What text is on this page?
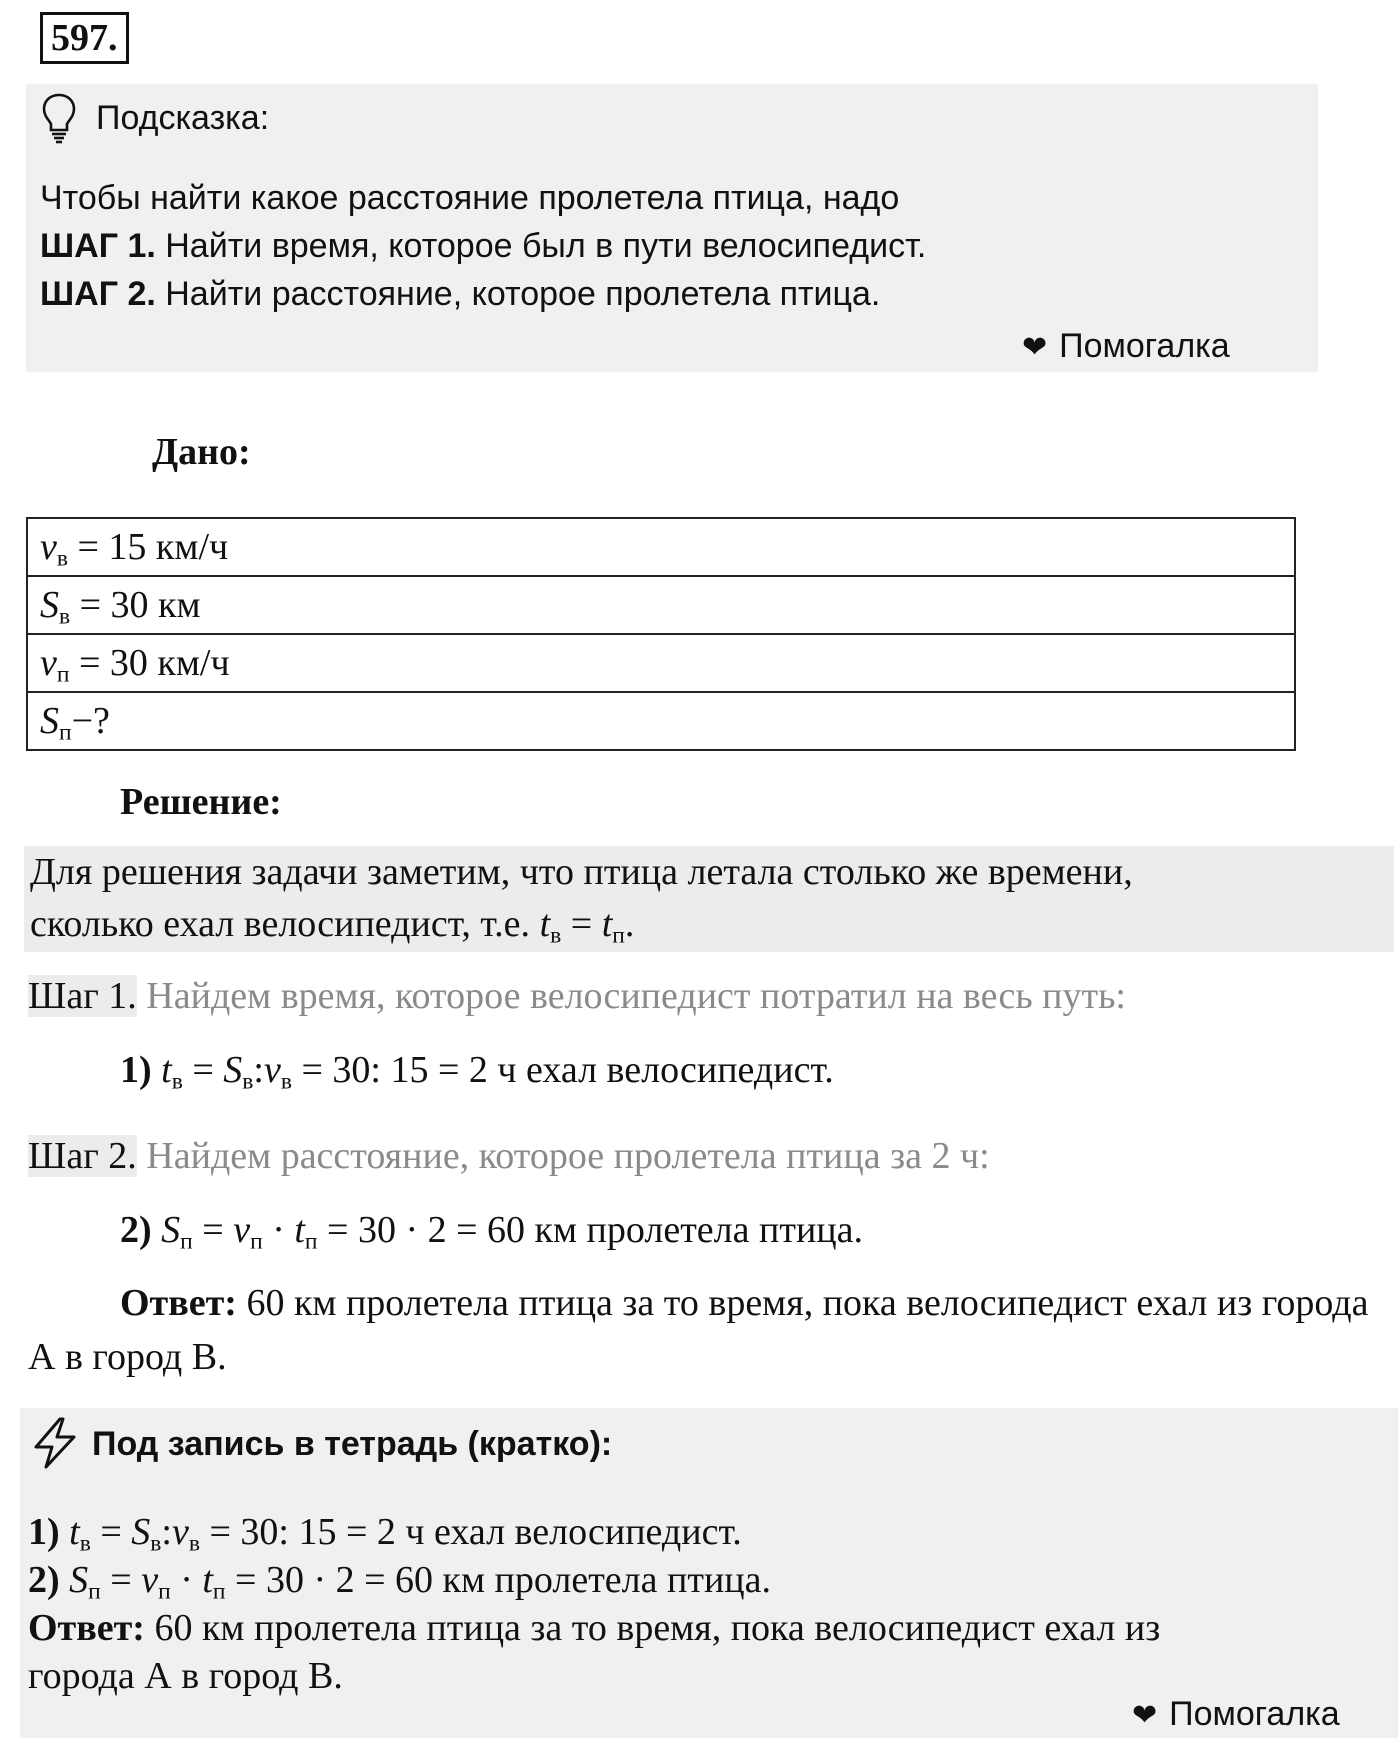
597.
Подсказка:
Чтобы найти какое расстояние пролетела птица, надо
ШАГ 1. Найти время, которое был в пути велосипедист.
ШАГ 2. Найти расстояние, которое пролетела птица.
❤ Помогалка
Дано:
$v_в = 15$ км/ч
$S_в = 30$ км
$v_п = 30$ км/ч
$S_п-$?
Решение:
Для решения задачи заметим, что птица летала столько же времени,
сколько ехал велосипедист, т.е. $t_в = t_п$.
Шаг 1. Найдем время, которое велосипедист потратил на весь путь:
1) $t_в$ = $S_в:v_в = 30$: 15 = 2 ч ехал велосипедист.
Шаг 2. Найдем расстояние, которое пролетела птица за 2 ч:
2) $S_п = v_п \cdot t_п = 30 \cdot 2 = 60$ км пролетела птица.
Ответ: 60 км пролетела птица за то время, пока велосипедист ехал из города А в город В.
Под запись в тетрадь (кратко):
1) $t_в$ = $S_в:v_в = 30$: 15 = 2 ч ехал велосипедист.
2) $S_п = v_п \cdot t_п = 30 \cdot 2 = 60$ км пролетела птица.
Ответ: 60 км пролетела птица за то время, пока велосипедист ехал из
города А в город В.
❤ Помогалка
